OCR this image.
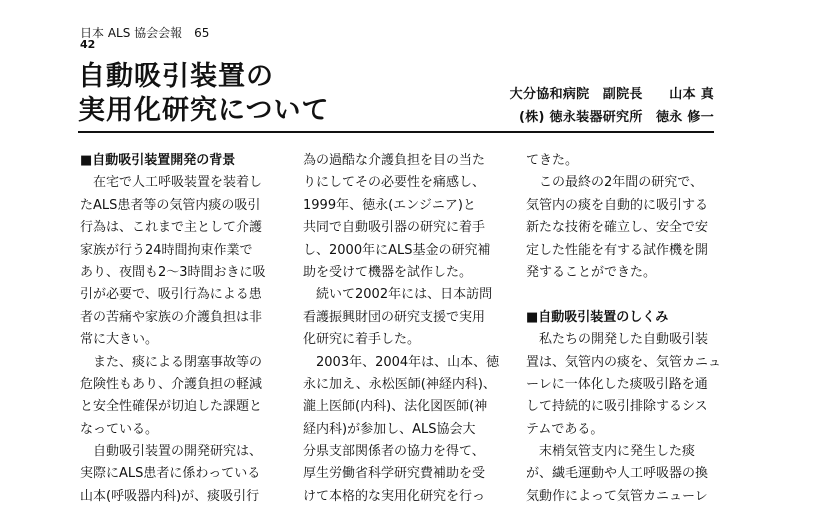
日本 ALS 協会会報　65
42
自動吸引装置の
実用化研究について
大分協和病院　副院長　　山本 真
(株) 徳永装器研究所　徳永 修一
■自動吸引装置開発の背景
　在宅で人工呼吸装置を装着し
たALS患者等の気管内痰の吸引
行為は、これまで主として介護
家族が行う24時間拘束作業で
あり、夜間も2〜3時間おきに吸
引が必要で、吸引行為による患
者の苦痛や家族の介護負担は非
常に大きい。
　また、痰による閉塞事故等の
危険性もあり、介護負担の軽減
と安全性確保が切迫した課題と
なっている。
　自動吸引装置の開発研究は、
実際にALS患者に係わっている
山本(呼吸器内科)が、痰吸引行
為の過酷な介護負担を目の当た
りにしてその必要性を痛感し、
1999年、徳永(エンジニア)と
共同で自動吸引器の研究に着手
し、2000年にALS基金の研究補
助を受けて機器を試作した。
　続いて2002年には、日本訪問
看護振興財団の研究支援で実用
化研究に着手した。
　2003年、2004年は、山本、徳
永に加え、永松医師(神経内科)、
瀧上医師(内科)、法化図医師(神
経内科)が参加し、ALS協会大
分県支部関係者の協力を得て、
厚生労働省科学研究費補助を受
けて本格的な実用化研究を行っ
てきた。
　この最終の2年間の研究で、
気管内の痰を自動的に吸引する
新たな技術を確立し、安全で安
定した性能を有する試作機を開
発することができた。
■自動吸引装置のしくみ
　私たちの開発した自動吸引装
置は、気管内の痰を、気管カニュ
ーレに一体化した痰吸引路を通
して持続的に吸引排除するシス
テムである。
　末梢気管支内に発生した痰
が、繊毛運動や人工呼吸器の換
気動作によって気管カニューレ
